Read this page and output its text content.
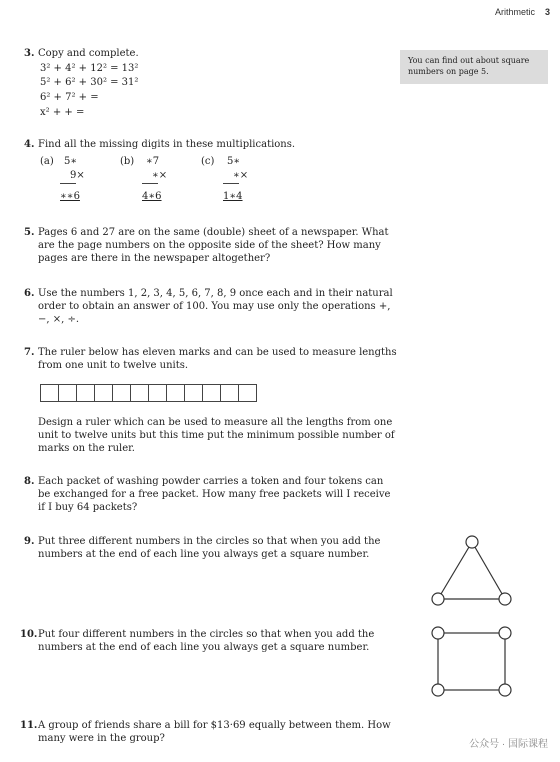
Arithmetic 3
You can find out about square numbers on page 5.
3. Copy and complete.
3² + 4² + 12² = 13²
5² + 6² + 30² = 31²
6² + 7² + =
x² + + =
4. Find all the missing digits in these multiplications.
(a) 5∗
9×
∗∗6
(b) ∗7
∗×
4∗6
(c) 5∗
∗×
1∗4
5. Pages 6 and 27 are on the same (double) sheet of a newspaper. What are the page numbers on the opposite side of the sheet? How many pages are there in the newspaper altogether?
6. Use the numbers 1, 2, 3, 4, 5, 6, 7, 8, 9 once each and in their natural order to obtain an answer of 100. You may use only the operations +, −, ×, ÷.
7. The ruler below has eleven marks and can be used to measure lengths from one unit to twelve units.
Design a ruler which can be used to measure all the lengths from one unit to twelve units but this time put the minimum possible number of marks on the ruler.
8. Each packet of washing powder carries a token and four tokens can be exchanged for a free packet. How many free packets will I receive if I buy 64 packets?
9. Put three different numbers in the circles so that when you add the numbers at the end of each line you always get a square number.
10. Put four different numbers in the circles so that when you add the numbers at the end of each line you always get a square number.
11. A group of friends share a bill for $13·69 equally between them. How many were in the group?
公众号 · 国际课程
